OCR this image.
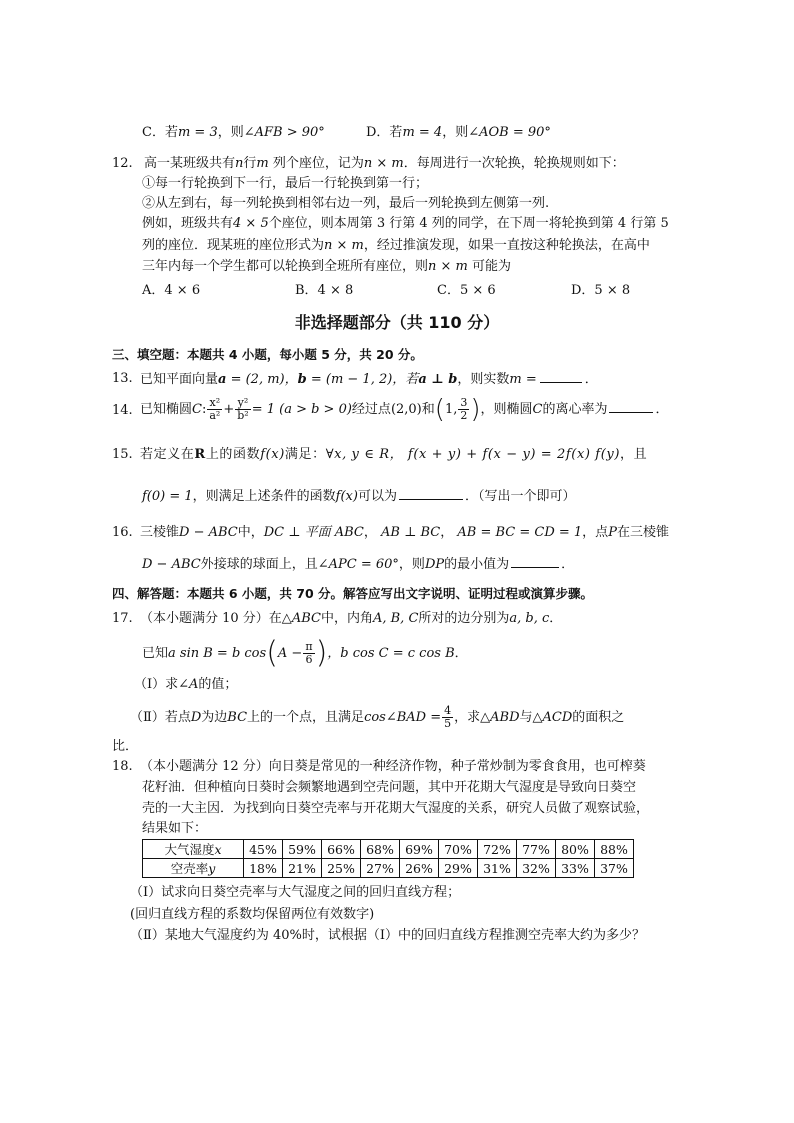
C．若m = 3，则∠AFB > 90°	D．若m = 4，则∠AOB = 90°
12. 高一某班级共有n行m 列个座位，记为n × m．每周进行一次轮换，轮换规则如下：
①每一行轮换到下一行，最后一行轮换到第一行；
②从左到右，每一列轮换到相邻右边一列，最后一列轮换到左侧第一列.
例如，班级共有4 × 5个座位，则本周第 3 行第 4 列的同学，在下周一将轮换到第 4 行第 5
列的座位．现某班的座位形式为n × m，经过推演发现，如果一直按这种轮换法，在高中
三年内每一个学生都可以轮换到全班所有座位，则n × m 可能为
A．4 × 6	B．4 × 8	C．5 × 6	D．5 × 8
非选择题部分（共 110 分）
三、填空题：本题共 4 小题，每小题 5 分，共 20 分。
13. 已知平面向量a = (2, m)，b = (m − 1, 2)，若a ⊥ b，则实数m =	．
14. 已知椭圆C: $\frac{\text{x²}}{\text{a²}} + \frac{\text{y²}}{\text{b²}} = 1$ (a > b > 0)经过点(2,0)和(1, $\frac{3}{2}$ )，则椭圆C的离心率为	．
15. 若定义在R上的函数f(x)满足：∀x, y ∈ R， f(x + y) + f(x − y) = 2f(x) f(y)，且
f(0) = 1，则满足上述条件的函数f(x)可以为	．（写出一个即可）
16. 三棱锥D − ABC中，DC ⊥ 平面 ABC， AB ⊥ BC， AB = BC = CD = 1，点P在三棱锥
D − ABC外接球的球面上，且∠APC = 60°，则DP的最小值为	．
四、解答题：本题共 6 小题，共 70 分。解答应写出文字说明、证明过程或演算步骤。
17. （本小题满分 10 分）在△ABC中，内角A, B, C所对的边分别为a, b, c．
已知a sin B = b $\cos(A - \frac{\pi}{6}$ )，b cos C = c cos B．
（I）求∠A的值；
（Ⅱ）若点D为边BC上的一个点，且满足cos∠BAD = $\frac{4}{5}$ ，求△ABD与△ACD的面积之
比．
18. （本小题满分 12 分）向日葵是常见的一种经济作物，种子常炒制为零食食用，也可榨葵
花籽油．但种植向日葵时会频繁地遇到空壳问题，其中开花期大气湿度是导致向日葵空
壳的一大主因．为找到向日葵空壳率与开花期大气湿度的关系，研究人员做了观察试验，
结果如下：
大气湿度x	45%	59%	66%	68%	69%	70%	72%	77%	80%	88%
空壳率y	18%	21%	25%	27%	26%	29%	31%	32%	33%	37%
（I）试求向日葵空壳率与大气湿度之间的回归直线方程；
(回归直线方程的系数均保留两位有效数字)
（Ⅱ）某地大气湿度约为 40%时，试根据（I）中的回归直线方程推测空壳率大约为多少？
